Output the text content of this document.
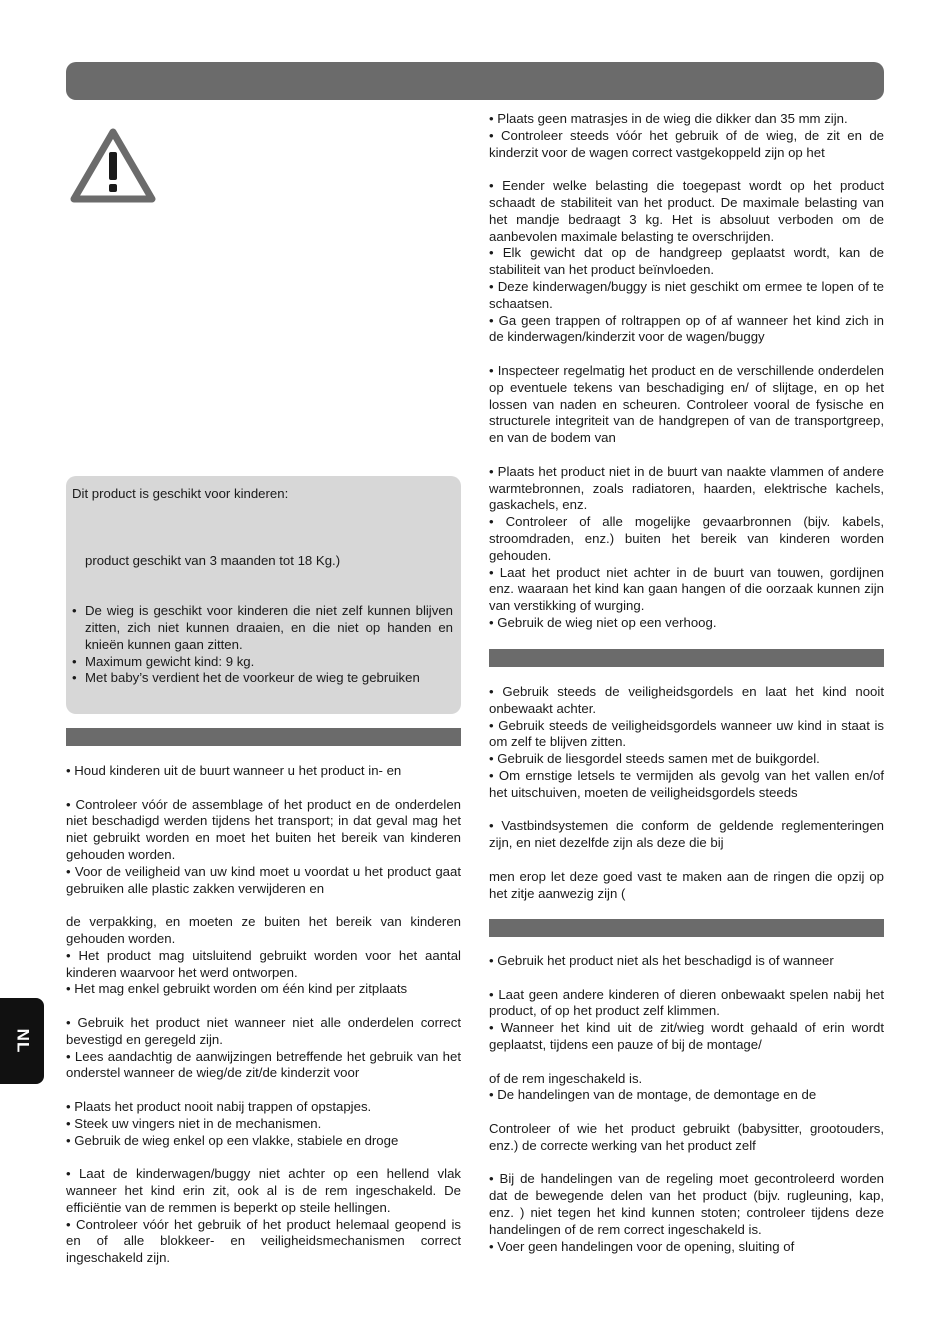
Dit product is geschikt voor kinderen:

product geschikt van 3 maanden tot 18 Kg.)

• De wieg is geschikt voor kinderen die niet zelf kunnen blijven zitten, zich niet kunnen draaien, en die niet op handen en knieën kunnen gaan zitten.
• Maximum gewicht kind: 9 kg.
• Met baby’s verdient het de voorkeur de wieg te gebruiken

• Houd kinderen uit de buurt wanneer u het product in- en

• Controleer vóór de assemblage of het product en de onderdelen niet beschadigd werden tijdens het transport; in dat geval mag het niet gebruikt worden en moet het buiten het bereik van kinderen gehouden worden.

• Voor de veiligheid van uw kind moet u voordat u het product gaat gebruiken alle plastic zakken verwijderen en

de verpakking, en moeten ze buiten het bereik van kinderen gehouden worden.

• Het product mag uitsluitend gebruikt worden voor het aantal kinderen waarvoor het werd ontworpen.

• Het mag enkel gebruikt worden om één kind per zitplaats

• Gebruik het product niet wanneer niet alle onderdelen correct bevestigd en geregeld zijn.

• Lees aandachtig de aanwijzingen betreffende het gebruik van het onderstel wanneer de wieg/de zit/de kinderzit voor

• Plaats het product nooit nabij trappen of opstapjes.

• Steek uw vingers niet in de mechanismen.

• Gebruik de wieg enkel op een vlakke, stabiele en droge

• Laat de kinderwagen/buggy niet achter op een hellend vlak wanneer het kind erin zit, ook al is de rem ingeschakeld. De efficiëntie van de remmen is beperkt op steile hellingen.

• Controleer vóór het gebruik of het product helemaal geopend is en of alle blokkeer- en veiligheidsmechanismen correct ingeschakeld zijn.

• Plaats geen matrasjes in de wieg die dikker dan 35 mm zijn.

• Controleer steeds vóór het gebruik of de wieg, de zit en de kinderzit voor de wagen correct vastgekoppeld zijn op het

• Eender welke belasting die toegepast wordt op het product schaadt de stabiliteit van het product. De maximale belasting van het mandje bedraagt 3 kg. Het is absoluut verboden om de aanbevolen maximale belasting te overschrijden.

• Elk gewicht dat op de handgreep geplaatst wordt, kan de stabiliteit van het product beïnvloeden.

• Deze kinderwagen/buggy is niet geschikt om ermee te lopen of te schaatsen.

• Ga geen trappen of roltrappen op of af wanneer het kind zich in de kinderwagen/kinderzit voor de wagen/buggy

• Inspecteer regelmatig het product en de verschillende onderdelen op eventuele tekens van beschadiging en/ of slijtage, en op het lossen van naden en scheuren. Controleer vooral de fysische en structurele integriteit van de handgrepen of van de transportgreep, en van de bodem van

• Plaats het product niet in de buurt van naakte vlammen of andere warmtebronnen, zoals radiatoren, haarden, elektrische kachels, gaskachels, enz.

• Controleer of alle mogelijke gevaarbronnen (bijv. kabels, stroomdraden, enz.) buiten het bereik van kinderen worden gehouden.

• Laat het product niet achter in de buurt van touwen, gordijnen enz. waaraan het kind kan gaan hangen of die oorzaak kunnen zijn van verstikking of wurging.

• Gebruik de wieg niet op een verhoog.

• Gebruik steeds de veiligheidsgordels en laat het kind nooit onbewaakt achter.

• Gebruik steeds de veiligheidsgordels wanneer uw kind in staat is om zelf te blijven zitten.

• Gebruik de liesgordel steeds samen met de buikgordel.

• Om ernstige letsels te vermijden als gevolg van het vallen en/of het uitschuiven, moeten de veiligheidsgordels steeds

• Vastbindsystemen die conform de geldende reglementeringen zijn, en niet dezelfde zijn als deze die bij

men erop let deze goed vast te maken aan de ringen die opzij op het zitje aanwezig zijn (

• Gebruik het product niet als het beschadigd is of wanneer

• Laat geen andere kinderen of dieren onbewaakt spelen nabij het product, of op het product zelf klimmen.

• Wanneer het kind uit de zit/wieg wordt gehaald of erin wordt geplaatst, tijdens een pauze of bij de montage/

of de rem ingeschakeld is.

• De handelingen van de montage, de demontage en de

Controleer of wie het product gebruikt (babysitter, grootouders, enz.) de correcte werking van het product zelf

• Bij de handelingen van de regeling moet gecontroleerd worden dat de bewegende delen van het product (bijv. rugleuning, kap, enz. ) niet tegen het kind kunnen stoten; controleer tijdens deze handelingen of de rem correct ingeschakeld is.

• Voer geen handelingen voor de opening, sluiting of

NL
